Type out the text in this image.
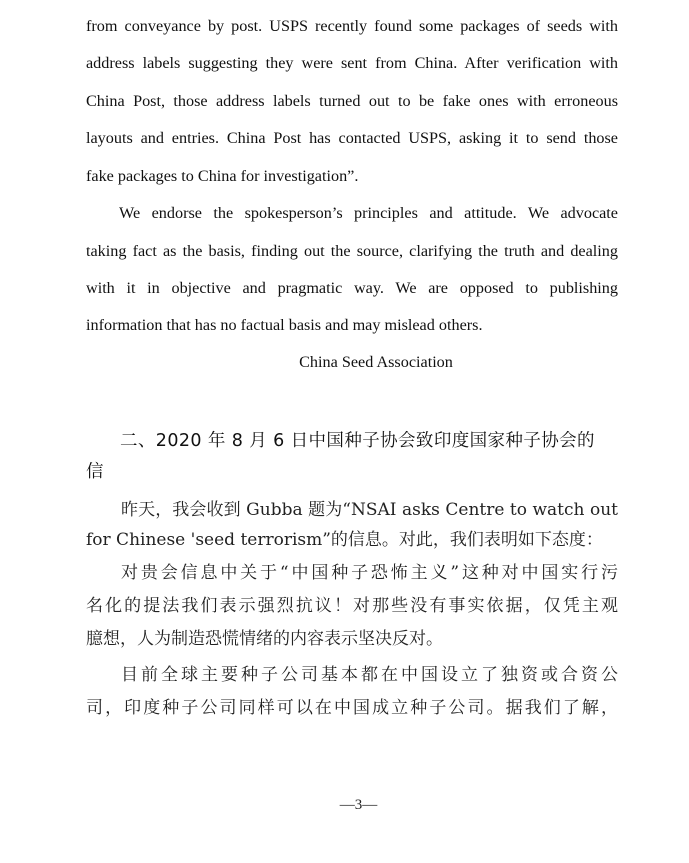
from conveyance by post. USPS recently found some packages of seeds with
address labels suggesting they were sent from China. After verification with
China Post, those address labels turned out to be fake ones with erroneous
layouts and entries. China Post has contacted USPS, asking it to send those
fake packages to China for investigation”.
We endorse the spokesperson’s principles and attitude. We advocate
taking fact as the basis, finding out the source, clarifying the truth and dealing
with it in objective and pragmatic way. We are opposed to publishing
information that has no factual basis and may mislead others.
China Seed Association
二、2020 年 8 月 6 日中国种子协会致印度国家种子协会的
信
昨天，我会收到 Gubba 题为“NSAI asks Centre to watch out
for Chinese 'seed terrorism”的信息。对此，我们表明如下态度：
对贵会信息中关于“中国种子恐怖主义”这种对中国实行污
名化的提法我们表示强烈抗议！对那些没有事实依据，仅凭主观
臆想，人为制造恐慌情绪的内容表示坚决反对。
目前全球主要种子公司基本都在中国设立了独资或合资公
司，印度种子公司同样可以在中国成立种子公司。据我们了解，
—3—
